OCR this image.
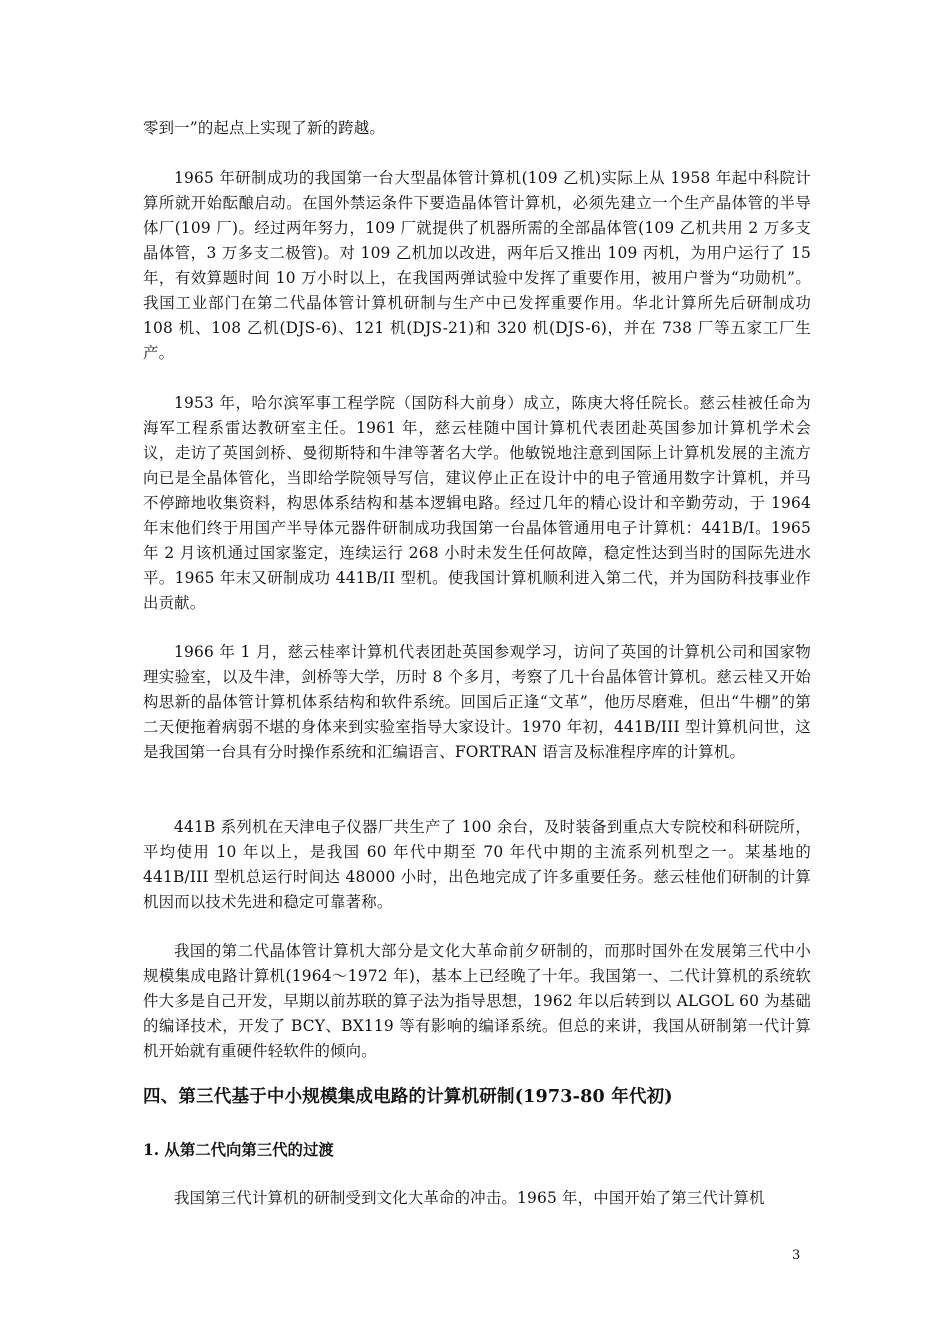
零到一”的起点上实现了新的跨越。

1965 年研制成功的我国第一台大型晶体管计算机(109 乙机)实际上从 1958 年起中科院计算所就开始酝酿启动。在国外禁运条件下要造晶体管计算机，必须先建立一个生产晶体管的半导体厂(109 厂)。经过两年努力，109 厂就提供了机器所需的全部晶体管(109 乙机共用 2 万多支晶体管，3 万多支二极管)。对 109 乙机加以改进，两年后又推出 109 丙机，为用户运行了 15 年，有效算题时间 10 万小时以上，在我国两弹试验中发挥了重要作用，被用户誉为“功勋机”。我国工业部门在第二代晶体管计算机研制与生产中已发挥重要作用。华北计算所先后研制成功 108 机、108 乙机(DJS-6)、121 机(DJS-21)和 320 机(DJS-6)，并在 738 厂等五家工厂生产。

1953 年，哈尔滨军事工程学院（国防科大前身）成立，陈庚大将任院长。慈云桂被任命为海军工程系雷达教研室主任。1961 年，慈云桂随中国计算机代表团赴英国参加计算机学术会议，走访了英国剑桥、曼彻斯特和牛津等著名大学。他敏锐地注意到国际上计算机发展的主流方向已是全晶体管化，当即给学院领导写信，建议停止正在设计中的电子管通用数字计算机，并马不停蹄地收集资料，构思体系结构和基本逻辑电路。经过几年的精心设计和辛勤劳动，于 1964 年末他们终于用国产半导体元器件研制成功我国第一台晶体管通用电子计算机：441B/I。1965 年 2 月该机通过国家鉴定，连续运行 268 小时未发生任何故障，稳定性达到当时的国际先进水平。1965 年末又研制成功 441B/II 型机。使我国计算机顺利进入第二代，并为国防科技事业作出贡献。

1966 年 1 月，慈云桂率计算机代表团赴英国参观学习，访问了英国的计算机公司和国家物理实验室，以及牛津，剑桥等大学，历时 8 个多月，考察了几十台晶体管计算机。慈云桂又开始构思新的晶体管计算机体系结构和软件系统。回国后正逢“文革”，他历尽磨难，但出“牛棚”的第二天便拖着病弱不堪的身体来到实验室指导大家设计。1970 年初，441B/III 型计算机问世，这是我国第一台具有分时操作系统和汇编语言、FORTRAN 语言及标准程序库的计算机。

441B 系列机在天津电子仪器厂共生产了 100 余台，及时装备到重点大专院校和科研院所，平均使用 10 年以上，是我国 60 年代中期至 70 年代中期的主流系列机型之一。某基地的 441B/III 型机总运行时间达 48000 小时，出色地完成了许多重要任务。慈云桂他们研制的计算机因而以技术先进和稳定可靠著称。

我国的第二代晶体管计算机大部分是文化大革命前夕研制的，而那时国外在发展第三代中小规模集成电路计算机(1964～1972 年)，基本上已经晚了十年。我国第一、二代计算机的系统软件大多是自己开发，早期以前苏联的算子法为指导思想，1962 年以后转到以 ALGOL 60 为基础的编译技术，开发了 BCY、BX119 等有影响的编译系统。但总的来讲，我国从研制第一代计算机开始就有重硬件轻软件的倾向。

四、第三代基于中小规模集成电路的计算机研制(1973-80 年代初)
1. 从第二代向第三代的过渡

我国第三代计算机的研制受到文化大革命的冲击。1965 年，中国开始了第三代计算机

3
